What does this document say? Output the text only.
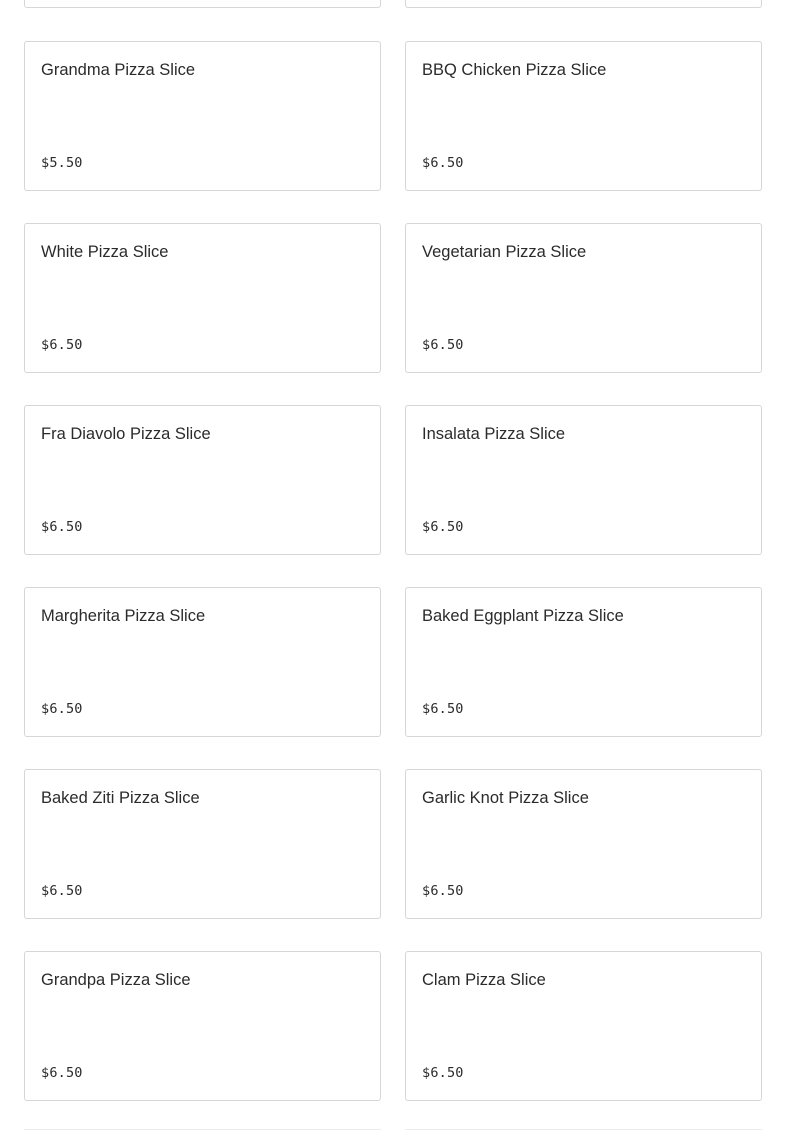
Grandma Pizza Slice
$5.50
BBQ Chicken Pizza Slice
$6.50
White Pizza Slice
$6.50
Vegetarian Pizza Slice
$6.50
Fra Diavolo Pizza Slice
$6.50
Insalata Pizza Slice
$6.50
Margherita Pizza Slice
$6.50
Baked Eggplant Pizza Slice
$6.50
Baked Ziti Pizza Slice
$6.50
Garlic Knot Pizza Slice
$6.50
Grandpa Pizza Slice
$6.50
Clam Pizza Slice
$6.50
